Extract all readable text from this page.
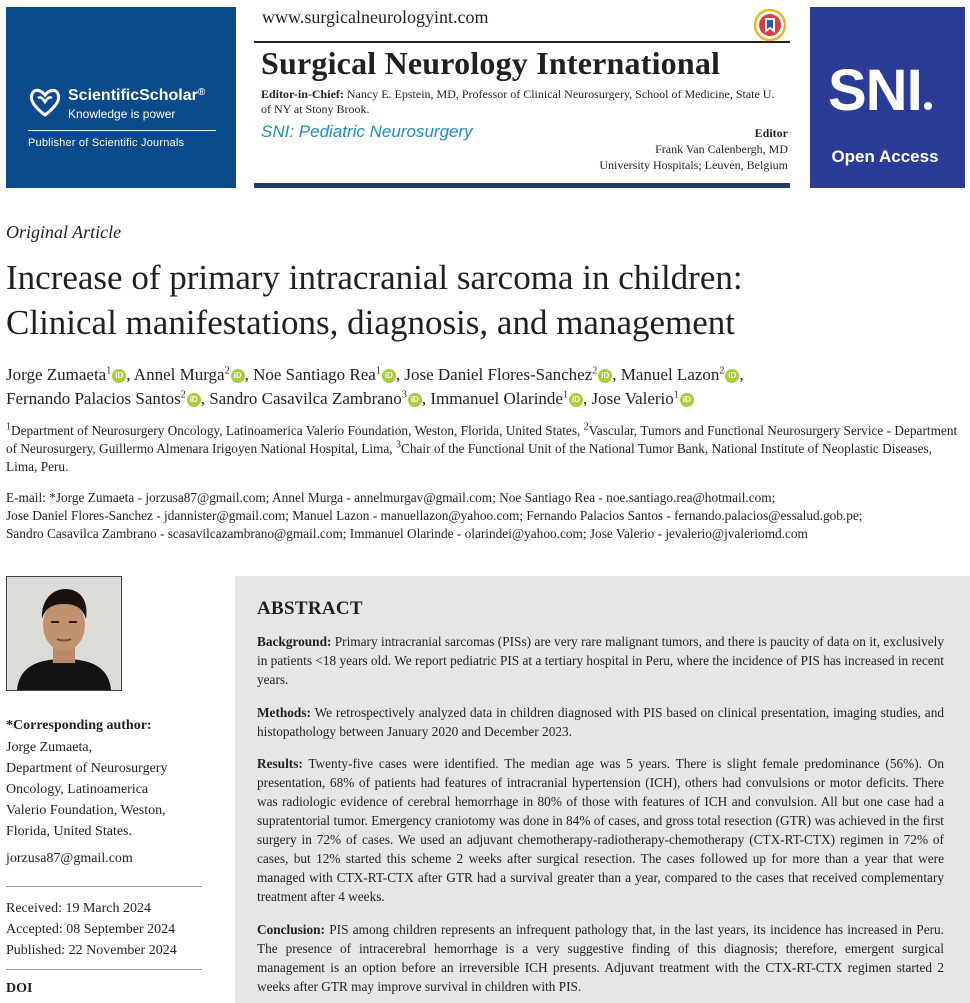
ScientificScholar®
Knowledge is power
Publisher of Scientific Journals
www.surgicalneurologyint.com
Surgical Neurology International
Editor-in-Chief: Nancy E. Epstein, MD, Professor of Clinical Neurosurgery, School of Medicine, State U. of NY at Stony Brook.
SNI: Pediatric Neurosurgery	Editor
Frank Van Calenbergh, MD
University Hospitals; Leuven, Belgium
SNI
Open Access
Original Article
Increase of primary intracranial sarcoma in children:
Clinical manifestations, diagnosis, and management
Jorge Zumaeta$^1$ iD , Annel Murga$^2$ iD , Noe Santiago Rea$^1$ iD , Jose Daniel Flores-Sanchez$^2$ iD , Manuel Lazon$^2$ iD ,
Fernando Palacios Santos$^2$ iD , Sandro Casavilca Zambrano$^3$ iD , Immanuel Olarinde$^1$ iD , Jose Valerio$^1$ iD
$^1$Department of Neurosurgery Oncology, Latinoamerica Valerio Foundation, Weston, Florida, United States, $^2$Vascular, Tumors and Functional Neurosurgery Service - Department of Neurosurgery, Guillermo Almenara Irigoyen National Hospital, Lima, $^3$Chair of the Functional Unit of the National Tumor Bank, National Institute of Neoplastic Diseases, Lima, Peru.
E-mail: *Jorge Zumaeta - jorzusa87@gmail.com; Annel Murga - annelmurgav@gmail.com; Noe Santiago Rea - noe.santiago.rea@hotmail.com;
Jose Daniel Flores-Sanchez - jdannister@gmail.com; Manuel Lazon - manuellazon@yahoo.com; Fernando Palacios Santos - fernando.palacios@essalud.gob.pe;
Sandro Casavilca Zambrano - scasavilcazambrano@gmail.com; Immanuel Olarinde - olarindei@yahoo.com; Jose Valerio - jevalerio@jvaleriomd.com
*Corresponding author:
Jorge Zumaeta,
Department of Neurosurgery
Oncology, Latinoamerica
Valerio Foundation, Weston,
Florida, United States.
jorzusa87@gmail.com
Received: 19 March 2024
Accepted: 08 September 2024
Published: 22 November 2024
DOI
ABSTRACT
Background: Primary intracranial sarcomas (PISs) are very rare malignant tumors, and there is paucity of data on it, exclusively in patients <18 years old. We report pediatric PIS at a tertiary hospital in Peru, where the incidence of PIS has increased in recent years.
Methods: We retrospectively analyzed data in children diagnosed with PIS based on clinical presentation, imaging studies, and histopathology between January 2020 and December 2023.
Results: Twenty-five cases were identified. The median age was 5 years. There is slight female predominance (56%). On presentation, 68% of patients had features of intracranial hypertension (ICH), others had convulsions or motor deficits. There was radiologic evidence of cerebral hemorrhage in 80% of those with features of ICH and convulsion. All but one case had a supratentorial tumor. Emergency craniotomy was done in 84% of cases, and gross total resection (GTR) was achieved in the first surgery in 72% of cases. We used an adjuvant chemotherapy-radiotherapy-chemotherapy (CTX-RT-CTX) regimen in 72% of cases, but 12% started this scheme 2 weeks after surgical resection. The cases followed up for more than a year that were managed with CTX-RT-CTX after GTR had a survival greater than a year, compared to the cases that received complementary treatment after 4 weeks.
Conclusion: PIS among children represents an infrequent pathology that, in the last years, its incidence has increased in Peru. The presence of intracerebral hemorrhage is a very suggestive finding of this diagnosis; therefore, emergent surgical management is an option before an irreversible ICH presents. Adjuvant treatment with the CTX-RT-CTX regimen started 2 weeks after GTR may improve survival in children with PIS.
